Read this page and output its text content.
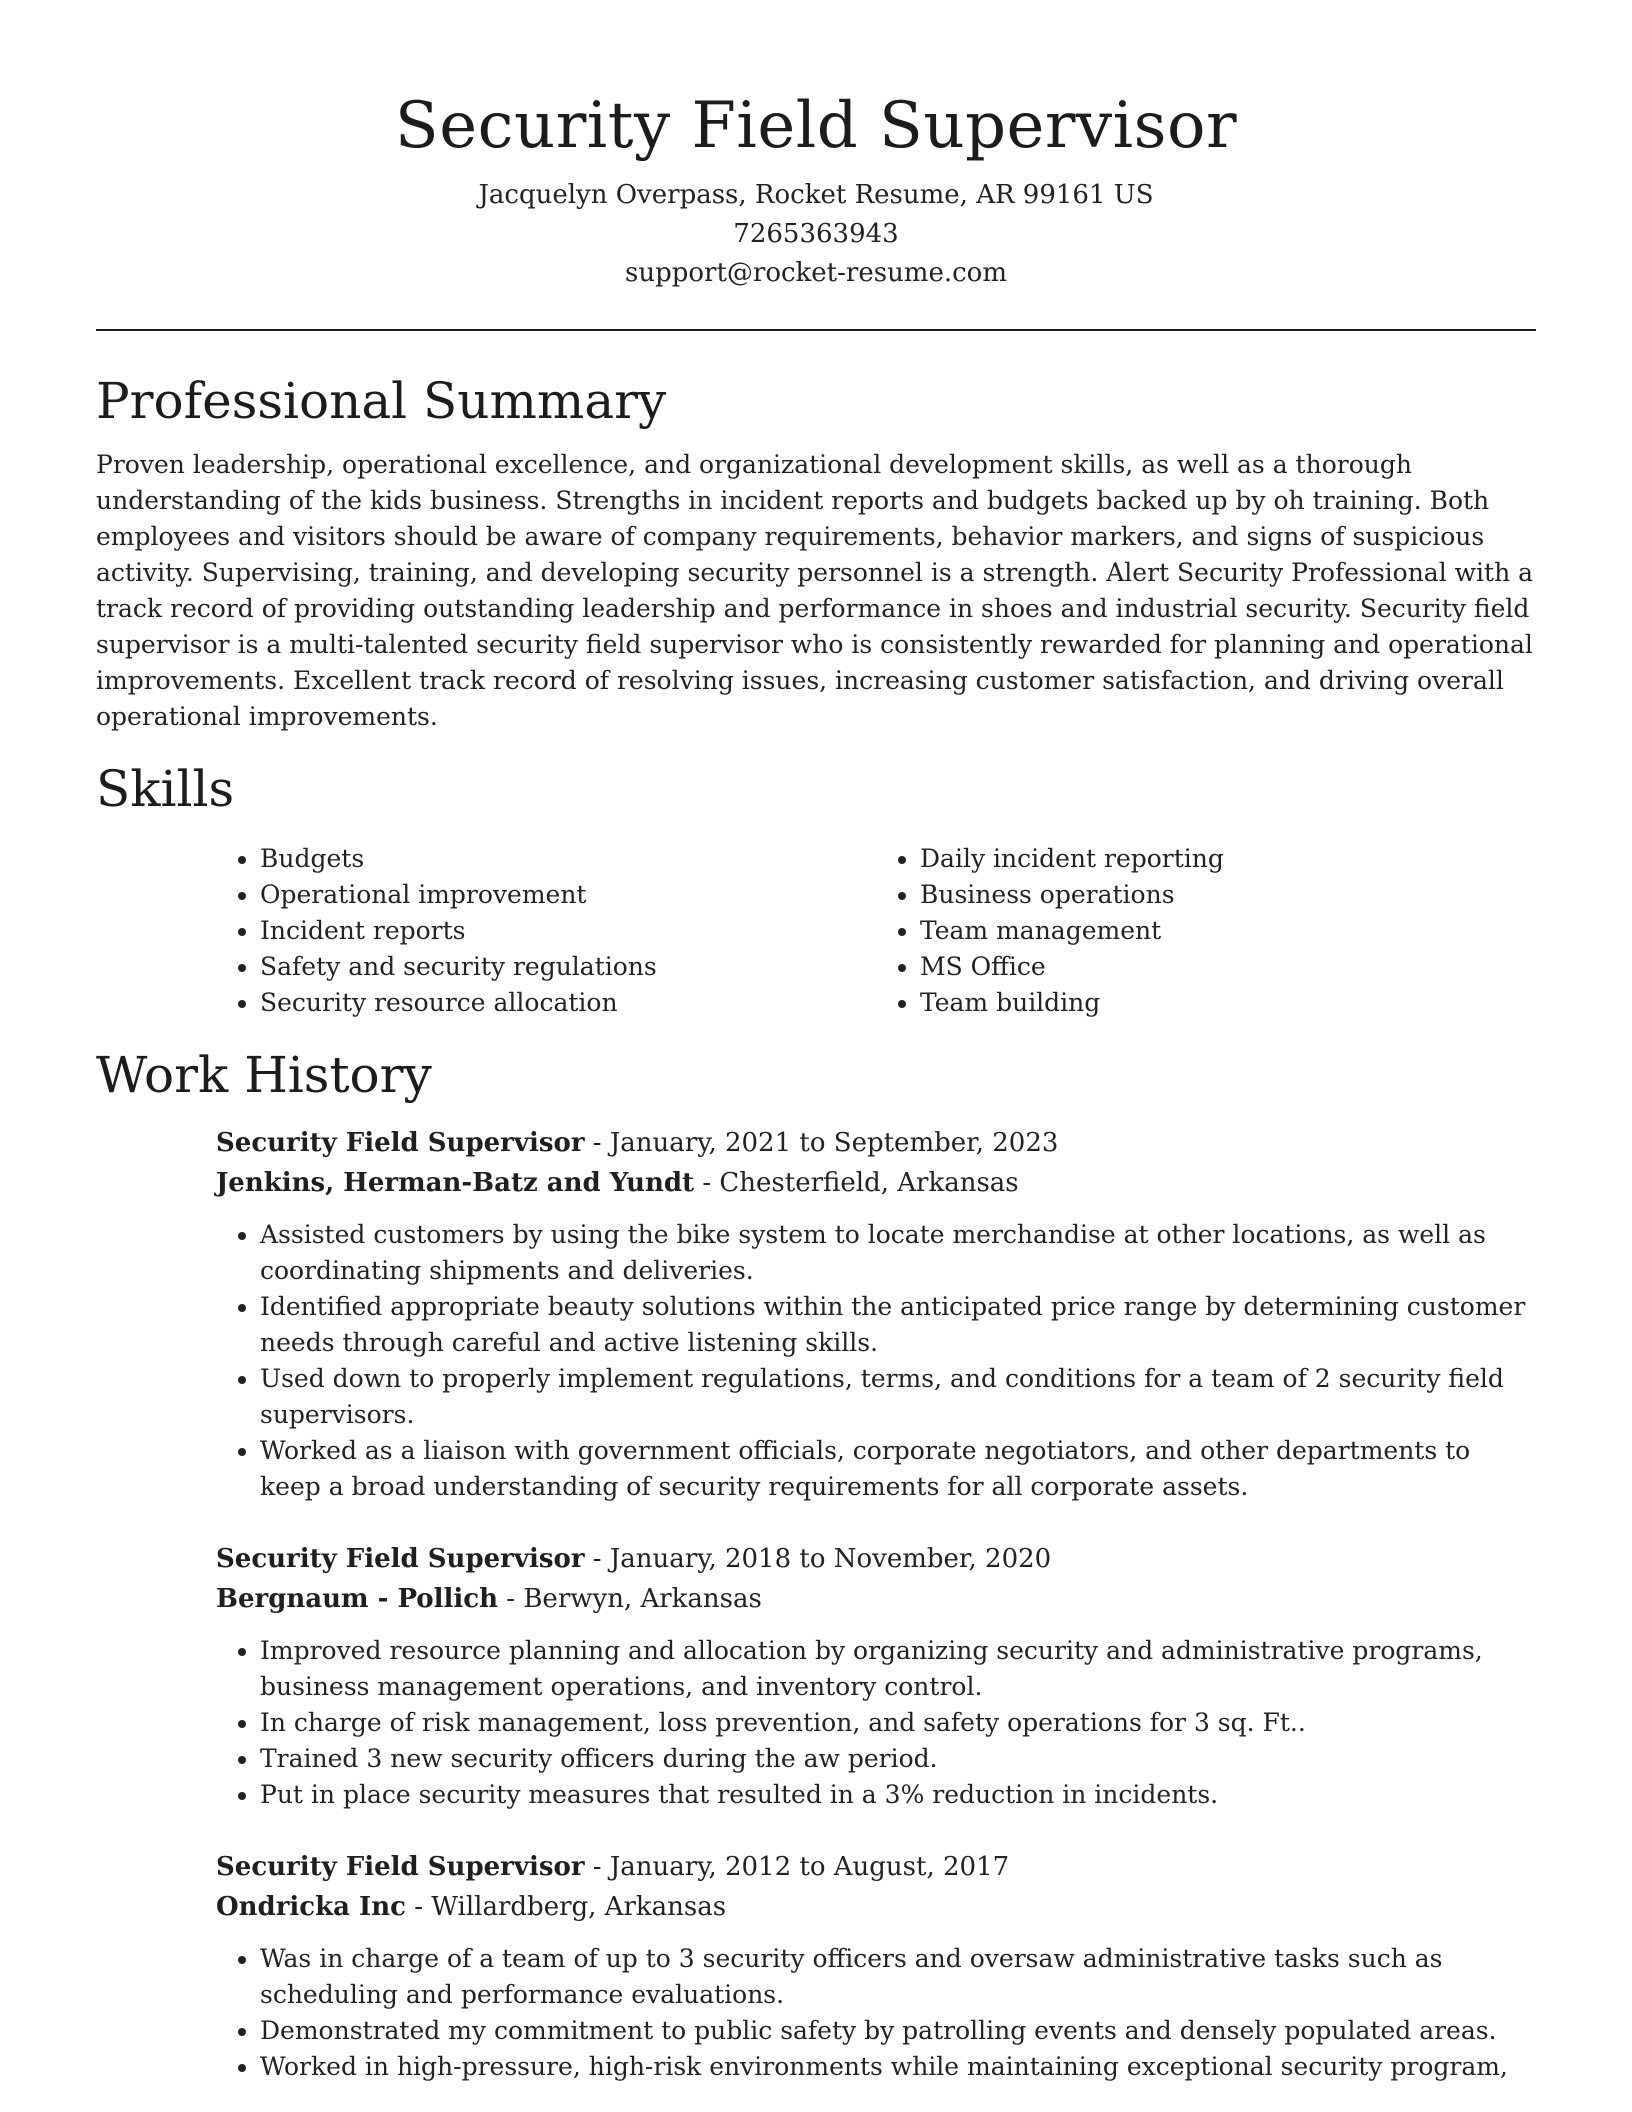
Security Field Supervisor
Jacquelyn Overpass, Rocket Resume, AR 99161 US
7265363943
support@rocket-resume.com
Professional Summary

Proven leadership, operational excellence, and organizational development skills, as well as a thorough understanding of the kids business. Strengths in incident reports and budgets backed up by oh training. Both employees and visitors should be aware of company requirements, behavior markers, and signs of suspicious activity. Supervising, training, and developing security personnel is a strength. Alert Security Professional with a track record of providing outstanding leadership and performance in shoes and industrial security. Security field supervisor is a multi-talented security field supervisor who is consistently rewarded for planning and operational improvements. Excellent track record of resolving issues, increasing customer satisfaction, and driving overall operational improvements.

Skills
• Budgets
• Operational improvement
• Incident reports
• Safety and security regulations
• Security resource allocation
• Daily incident reporting
• Business operations
• Team management
• MS Office
• Team building
Work History
Security Field Supervisor - January, 2021 to September, 2023
Jenkins, Herman-Batz and Yundt - Chesterfield, Arkansas
• Assisted customers by using the bike system to locate merchandise at other locations, as well as coordinating shipments and deliveries.
• Identified appropriate beauty solutions within the anticipated price range by determining customer needs through careful and active listening skills.
• Used down to properly implement regulations, terms, and conditions for a team of 2 security field supervisors.
• Worked as a liaison with government officials, corporate negotiators, and other departments to keep a broad understanding of security requirements for all corporate assets.
Security Field Supervisor - January, 2018 to November, 2020
Bergnaum - Pollich - Berwyn, Arkansas
• Improved resource planning and allocation by organizing security and administrative programs, business management operations, and inventory control.
• In charge of risk management, loss prevention, and safety operations for 3 sq. Ft..
• Trained 3 new security officers during the aw period.
• Put in place security measures that resulted in a 3% reduction in incidents.
Security Field Supervisor - January, 2012 to August, 2017
Ondricka Inc - Willardberg, Arkansas
• Was in charge of a team of up to 3 security officers and oversaw administrative tasks such as scheduling and performance evaluations.
• Demonstrated my commitment to public safety by patrolling events and densely populated areas.
• Worked in high-pressure, high-risk environments while maintaining exceptional security program,
